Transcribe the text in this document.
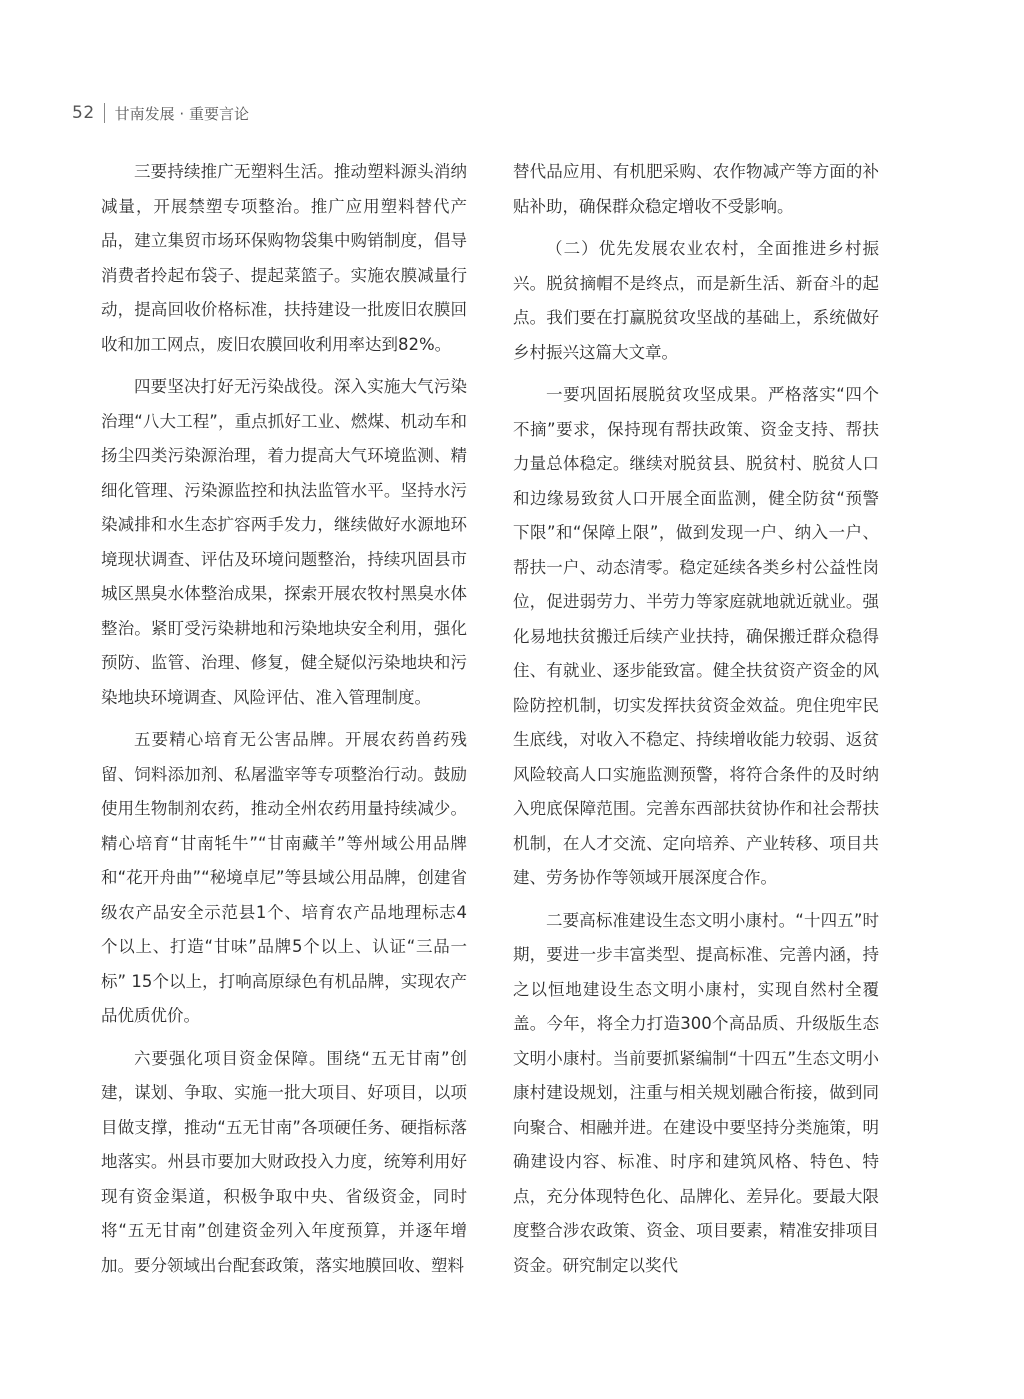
52 甘南发展 · 重要言论

三要持续推广无塑料生活。推动塑料源头消纳减量，开展禁塑专项整治。推广应用塑料替代产品，建立集贸市场环保购物袋集中购销制度，倡导消费者拎起布袋子、提起菜篮子。实施农膜减量行动，提高回收价格标准，扶持建设一批废旧农膜回收和加工网点，废旧农膜回收利用率达到82%。

四要坚决打好无污染战役。深入实施大气污染治理“八大工程”，重点抓好工业、燃煤、机动车和扬尘四类污染源治理，着力提高大气环境监测、精细化管理、污染源监控和执法监管水平。坚持水污染减排和水生态扩容两手发力，继续做好水源地环境现状调查、评估及环境问题整治，持续巩固县市城区黑臭水体整治成果，探索开展农牧村黑臭水体整治。紧盯受污染耕地和污染地块安全利用，强化预防、监管、治理、修复，健全疑似污染地块和污染地块环境调查、风险评估、准入管理制度。

五要精心培育无公害品牌。开展农药兽药残留、饲料添加剂、私屠滥宰等专项整治行动。鼓励使用生物制剂农药，推动全州农药用量持续减少。精心培育“甘南牦牛”“甘南藏羊”等州域公用品牌和“花开舟曲”“秘境卓尼”等县域公用品牌，创建省级农产品安全示范县1个、培育农产品地理标志4个以上、打造“甘味”品牌5个以上、认证“三品一标” 15个以上，打响高原绿色有机品牌，实现农产品优质优价。

六要强化项目资金保障。围绕“五无甘南”创建，谋划、争取、实施一批大项目、好项目，以项目做支撑，推动“五无甘南”各项硬任务、硬指标落地落实。州县市要加大财政投入力度，统筹利用好现有资金渠道，积极争取中央、省级资金，同时将“五无甘南”创建资金列入年度预算，并逐年增加。要分领域出台配套政策，落实地膜回收、塑料

替代品应用、有机肥采购、农作物减产等方面的补贴补助，确保群众稳定增收不受影响。

（二）优先发展农业农村，全面推进乡村振兴。脱贫摘帽不是终点，而是新生活、新奋斗的起点。我们要在打赢脱贫攻坚战的基础上，系统做好乡村振兴这篇大文章。

一要巩固拓展脱贫攻坚成果。严格落实“四个不摘”要求，保持现有帮扶政策、资金支持、帮扶力量总体稳定。继续对脱贫县、脱贫村、脱贫人口和边缘易致贫人口开展全面监测，健全防贫“预警下限”和“保障上限”，做到发现一户、纳入一户、帮扶一户、动态清零。稳定延续各类乡村公益性岗位，促进弱劳力、半劳力等家庭就地就近就业。强化易地扶贫搬迁后续产业扶持，确保搬迁群众稳得住、有就业、逐步能致富。健全扶贫资产资金的风险防控机制，切实发挥扶贫资金效益。兜住兜牢民生底线，对收入不稳定、持续增收能力较弱、返贫风险较高人口实施监测预警，将符合条件的及时纳入兜底保障范围。完善东西部扶贫协作和社会帮扶机制，在人才交流、定向培养、产业转移、项目共建、劳务协作等领域开展深度合作。

二要高标准建设生态文明小康村。“十四五”时期，要进一步丰富类型、提高标准、完善内涵，持之以恒地建设生态文明小康村，实现自然村全覆盖。今年，将全力打造300个高品质、升级版生态文明小康村。当前要抓紧编制“十四五”生态文明小康村建设规划，注重与相关规划融合衔接，做到同向聚合、相融并进。在建设中要坚持分类施策，明确建设内容、标准、时序和建筑风格、特色、特点，充分体现特色化、品牌化、差异化。要最大限度整合涉农政策、资金、项目要素，精准安排项目资金。研究制定以奖代
